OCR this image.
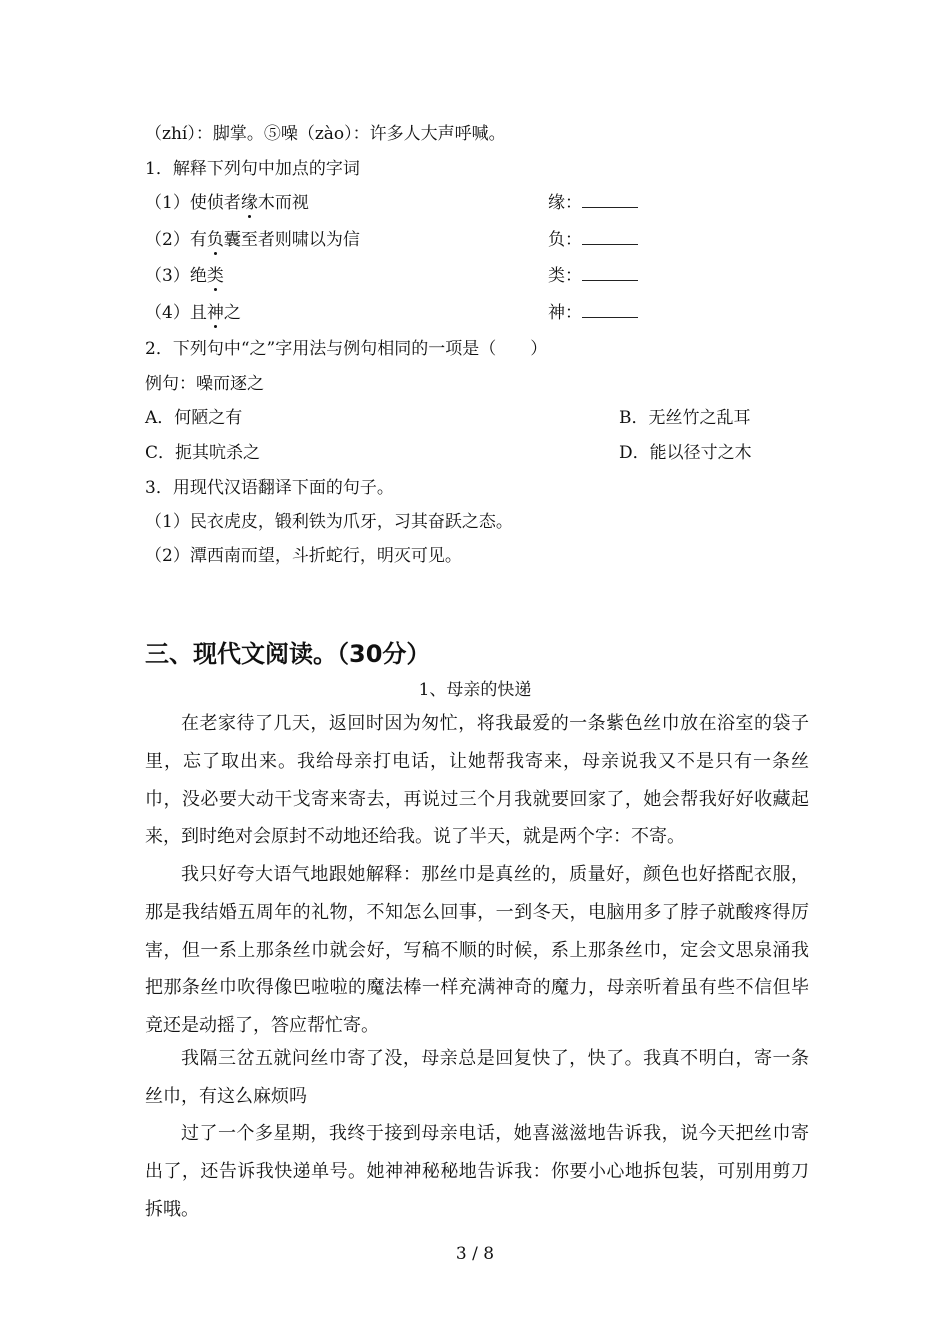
（zhí）：脚掌。⑤噪（zào）：许多人大声呼喊。
1．解释下列句中加点的字词
（1）使侦者缘木而视	缘：
（2）有负囊至者则啸以为信	负：
（3）绝类	类：
（4）且神之	神：
2．下列句中“之”字用法与例句相同的一项是（　　）
例句：噪而逐之
A．何陋之有	B．无丝竹之乱耳
C．扼其吭杀之	D．能以径寸之木
3．用现代汉语翻译下面的句子。
（1）民衣虎皮，锻利铁为爪牙，习其奋跃之态。
（2）潭西南而望，斗折蛇行，明灭可见。
三、现代文阅读。（30分）
1、母亲的快递

在老家待了几天，返回时因为匆忙，将我最爱的一条紫色丝巾放在浴室的袋子里，忘了取出来。我给母亲打电话，让她帮我寄来，母亲说我又不是只有一条丝巾，没必要大动干戈寄来寄去，再说过三个月我就要回家了，她会帮我好好收藏起来，到时绝对会原封不动地还给我。说了半天，就是两个字：不寄。

我只好夸大语气地跟她解释：那丝巾是真丝的，质量好，颜色也好搭配衣服，那是我结婚五周年的礼物，不知怎么回事，一到冬天，电脑用多了脖子就酸疼得厉害，但一系上那条丝巾就会好，写稿不顺的时候，系上那条丝巾，定会文思泉涌我把那条丝巾吹得像巴啦啦的魔法棒一样充满神奇的魔力，母亲听着虽有些不信但毕竟还是动摇了，答应帮忙寄。

我隔三岔五就问丝巾寄了没，母亲总是回复快了，快了。我真不明白，寄一条丝巾，有这么麻烦吗

过了一个多星期，我终于接到母亲电话，她喜滋滋地告诉我，说今天把丝巾寄出了，还告诉我快递单号。她神神秘秘地告诉我：你要小心地拆包装，可别用剪刀拆哦。

3 / 8
